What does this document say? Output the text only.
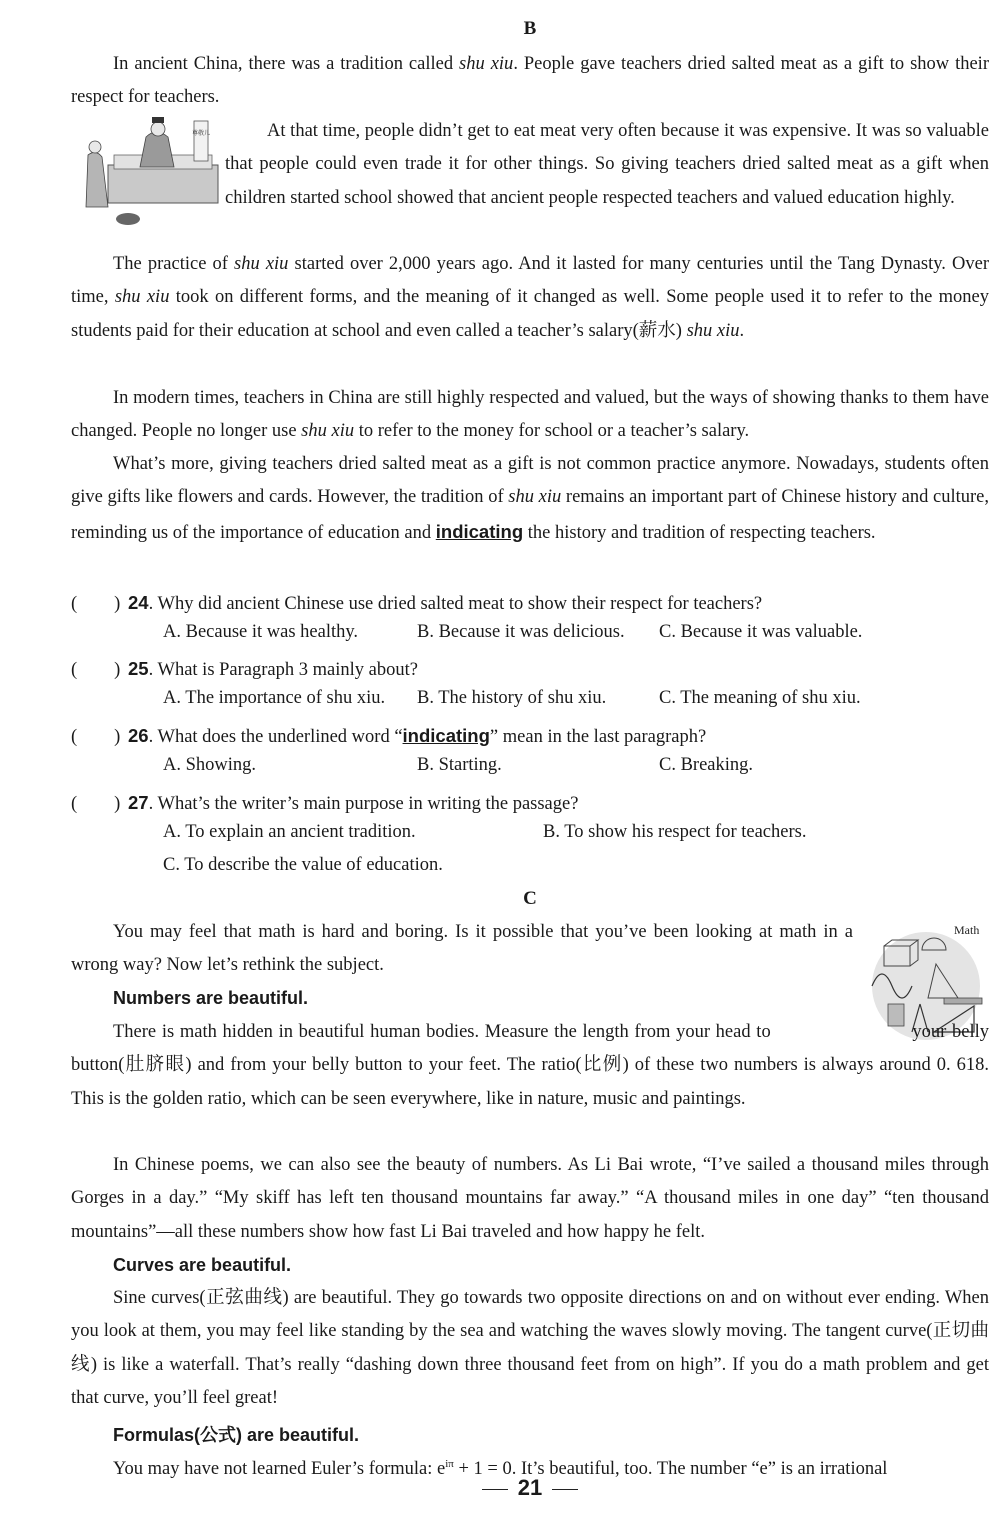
B

In ancient China, there was a tradition called shu xiu. People gave teachers dried salted meat as a gift to show their respect for teachers.

尊敬儿	At that time, people didn’t get to eat meat very often because it was expensive. It was so valuable that people could even trade it for other things. So giving teachers dried salted meat as a gift when children started school showed that ancient people respected teachers and valued education highly.

The practice of shu xiu started over 2,000 years ago. And it lasted for many centuries until the Tang Dynasty. Over time, shu xiu took on different forms, and the meaning of it changed as well. Some people used it to refer to the money students paid for their education at school and even called a teacher’s salary(薪水) shu xiu.

In modern times, teachers in China are still highly respected and valued, but the ways of showing thanks to them have changed. People no longer use shu xiu to refer to the money for school or a teacher’s salary.

What’s more, giving teachers dried salted meat as a gift is not common practice anymore. Nowadays, students often give gifts like flowers and cards. However, the tradition of shu xiu remains an important part of Chinese history and culture, reminding us of the importance of education and indicating the history and tradition of respecting teachers.

(　　) 24. Why did ancient Chinese use dried salted meat to show their respect for teachers?
A. Because it was healthy.	B. Because it was delicious. C. Because it was valuable.
(　　) 25. What is Paragraph 3 mainly about?
A. The importance of shu xiu. B. The history of shu xiu.	C. The meaning of shu xiu.
(　　) 26. What does the underlined word “indicating” mean in the last paragraph?
A. Showing.	B. Starting.	C. Breaking.
(　　) 27. What’s the writer’s main purpose in writing the passage?
A. To explain an ancient tradition.	B. To show his respect for teachers.
C. To describe the value of education.
C

You may feel that math is hard and boring. Is it possible that you’ve been looking at math in a wrong way? Now let’s rethink the subject.

Math
Numbers are beautiful.

There is math hidden in beautiful human bodies. Measure the length from your head to	your belly button(肚脐眼) and from your belly button to your feet. The ratio(比例) of these two numbers is always around 0. 618. This is the golden ratio, which can be seen everywhere, like in nature, music and paintings.

In Chinese poems, we can also see the beauty of numbers. As Li Bai wrote, “I’ve sailed a thousand miles through Gorges in a day.” “My skiff has left ten thousand mountains far away.” “A thousand miles in one day” “ten thousand mountains”—all these numbers show how fast Li Bai traveled and how happy he felt.

Curves are beautiful.

Sine curves(正弦曲线) are beautiful. They go towards two opposite directions on and on without ever ending. When you look at them, you may feel like standing by the sea and watching the waves slowly moving. The tangent curve(正切曲线) is like a waterfall. That’s really “dashing down three thousand feet from on high”. If you do a math problem and get that curve, you’ll feel great!

Formulas(公式) are beautiful.

You may have not learned Euler’s formula: $e^{i\pi} + 1 = 0$. It’s beautiful, too. The number “e” is an irrational

21
